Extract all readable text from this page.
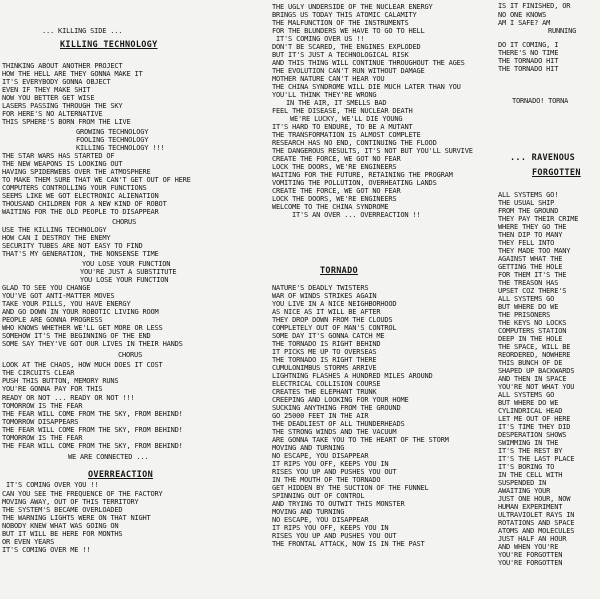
... KILLING SIDE ...
KILLING TECHNOLOGY
THINKING ABOUT ANOTHER PROJECT
HOW THE HELL ARE THEY GONNA MAKE IT
IT'S EVERYBODY GONNA OBJECT
EVEN IF THEY MAKE SHIT
NOW YOU BETTER GET WISE
LASERS PASSING THROUGH THE SKY
FOR HERE'S NO ALTERNATIVE
THIS SPHERE'S BORN FROM THE LIVE
GROWING TECHNOLOGY
FOOLING TECHNOLOGY
KILLING TECHNOLOGY !!!
THE STAR WARS HAS STARTED OF
THE NEW WEAPONS IS LOOKING OUT
HAVING SPIDERWEBS OVER THE ATMOSPHERE
TO MAKE THEM SURE THAT WE CAN'T GET OUT OF HERE
COMPUTERS CONTROLLING YOUR FUNCTIONS
SEEMS LIKE WE GOT ELECTRONIC ALIENATION
THOUSAND CHILDREN FOR A NEW KIND OF ROBOT
WAITING FOR THE OLD PEOPLE TO DISAPPEAR
CHORUS
USE THE KILLING TECHNOLOGY
HOW CAN I DESTROY THE ENEMY
SECURITY TUBES ARE NOT EASY TO FIND
THAT'S MY GENERATION, THE NONSENSE TIME
YOU LOSE YOUR FUNCTION
YOU'RE JUST A SUBSTITUTE
YOU LOSE YOUR FUNCTION
GLAD TO SEE YOU CHANGE
YOU'VE GOT ANTI-MATTER MOVES
TAKE YOUR PILLS, YOU HAVE ENERGY
AND GO DOWN IN YOUR ROBOTIC LIVING ROOM
PEOPLE ARE GONNA PROGRESS
WHO KNOWS WHETHER WE'LL GET MORE OR LESS
SOMEHOW IT'S THE BEGINNING OF THE END
SOME SAY THEY'VE GOT OUR LIVES IN THEIR HANDS
CHORUS
LOOK AT THE CHAOS, HOW MUCH DOES IT COST
THE CIRCUITS CLEAR
PUSH THIS BUTTON, MEMORY RUNS
YOU'RE GONNA PAY FOR THIS
READY OR NOT ... READY OR NOT !!!
TOMORROW IS THE FEAR
THE FEAR WILL COME FROM THE SKY, FROM BEHIND!
TOMORROW DISAPPEARS
THE FEAR WILL COME FROM THE SKY, FROM BEHIND!
TOMORROW IS THE FEAR
THE FEAR WILL COME FROM THE SKY, FROM BEHIND!
WE ARE CONNECTED ...
OVERREACTION
IT'S COMING OVER YOU !!
CAN YOU SEE THE FREQUENCE OF THE FACTORY
MOVING AWAY, OUT OF THIS TERRITORY
THE SYSTEM'S BECAME OVERLOADED
THE WARNING LIGHTS WERE ON THAT NIGHT
NOBODY KNEW WHAT WAS GOING ON
BUT IT WILL BE HERE FOR MONTHS
OR EVEN YEARS
IT'S COMING OVER ME !!
THE UGLY UNDERSIDE OF THE NUCLEAR ENERGY
BRINGS US TODAY THIS ATOMIC CALAMITY
THE MALFUNCTION OF THE INSTRUMENTS
FOR THE BLUNDERS WE HAVE TO GO TO HELL
IT'S COMING OVER US !!
DON'T BE SCARED, THE ENGINES EXPLODED
BUT IT'S JUST A TECHNOLOGICAL RISK
AND THIS THING WILL CONTINUE THROUGHOUT THE AGES
THE EVOLUTION CAN'T RUN WITHOUT DAMAGE
MOTHER NATURE CAN'T HEAR YOU
THE CHINA SYNDROME WILL DIE MUCH LATER THAN YOU
YOU'LL THINK THEY'RE WRONG
IN THE AIR, IT SMELLS BAD
FEEL THE DISEASE, THE NUCLEAR DEATH
WE'RE LUCKY, WE'LL DIE YOUNG
IT'S HARD TO ENDURE, TO BE A MUTANT
THE TRANSFORMATION IS ALMOST COMPLETE
RESEARCH HAS NO END, CONTINUING THE FLOOD
THE DANGEROUS RESULTS, IT'S NOT BUT YOU'LL SURVIVE
CREATE THE FORCE, WE GOT NO FEAR
LOCK THE DOORS, WE'RE ENGINEERS
WAITING FOR THE FUTURE, RETAINING THE PROGRAM
VOMITING THE POLLUTION, OVERHEATING LANDS
CREATE THE FORCE, WE GOT NO FEAR
LOCK THE DOORS, WE'RE ENGINEERS
WELCOME TO THE CHINA SYNDROME
IT'S AN OVER ... OVERREACTION !!
TORNADO
NATURE'S DEADLY TWISTERS
WAR OF WINDS STRIKES AGAIN
YOU LIVE IN A NICE NEIGHBORHOOD
AS NICE AS IT WILL BE AFTER
THEY DROP DOWN FROM THE CLOUDS
COMPLETELY OUT OF MAN'S CONTROL
SOME DAY IT'S GONNA CATCH ME
THE TORNADO IS RIGHT BEHIND
IT PICKS ME UP TO OVERSEAS
THE TORNADO IS RIGHT THERE
CUMULONIMBUS STORMS ARRIVE
LIGHTNING FLASHES A HUNDRED MILES AROUND
ELECTRICAL COLLISION COURSE
CREATES THE ELEPHANT TRUNK
CREEPING AND LOOKING FOR YOUR HOME
SUCKING ANYTHING FROM THE GROUND
GO 25000 FEET IN THE AIR
THE DEADLIEST OF ALL THUNDERHEADS
THE STRONG WINDS AND THE VACUUM
ARE GONNA TAKE YOU TO THE HEART OF THE STORM
MOVING AND TURNING
NO ESCAPE, YOU DISAPPEAR
IT RIPS YOU OFF, KEEPS YOU IN
RISES YOU UP AND PUSHES YOU OUT
IN THE MOUTH OF THE TORNADO
GET HIDDEN BY THE SUCTION OF THE FUNNEL
SPINNING OUT OF CONTROL
AND TRYING TO OUTWIT THIS MONSTER
MOVING AND TURNING
NO ESCAPE, YOU DISAPPEAR
IT RIPS YOU OFF, KEEPS YOU IN
RISES YOU UP AND PUSHES YOU OUT
THE FRONTAL ATTACK, NOW IS IN THE PAST
IS IT FINISHED, OR
NO ONE KNOWS
AM I SAFE? AM
RUNNING
DO IT COMING, I
THERE'S NO TIME
THE TORNADO HIT
THE TORNADO HIT
TORNADO! TORNA
... RAVENOUS
FORGOTTEN
ALL SYSTEMS GO!
THE USUAL SHIP
FROM THE GROUND
THEY PAY THEIR CRIME
WHERE THEY GO THE
THEN DIP TO MANY
THEY FELL INTO
THEY MADE TOO MANY
AGAINST WHAT THE
GETTING THE HOLE
FOR THEM IT'S THE
THE TREASON HAS
UPSET COZ THERE'S
ALL SYSTEMS GO
BUT WHERE DO WE
THE PRISONERS
THE KEYS NO LOCKS
COMPUTERS STATION
DEEP IN THE HOLE
THE SPACE, WILL BE
REORDERED, NOWHERE
THIS BUNCH OF DE
SHAPED UP BACKWARDS
AND THEN IN SPACE
YOU'RE NOT WHAT YOU
ALL SYSTEMS GO
BUT WHERE DO WE
CYLINDRICAL HEAD
LET ME OUT OF HERE
IT'S TIME THEY DID
DESPERATION SHOWS
SWIMMING IN THE
IT'S THE REST BY
IT'S THE LAST PLACE
IT'S BORING TO
IN THE CELL WITH
SUSPENDED IN
AWAITING YOUR
JUST ONE HOUR, NOW
HUMAN EXPERIMENT
ULTRAVIOLET RAYS IN
ROTATIONS AND SPACE
ATOMS AND MOLECULES
JUST HALF AN HOUR
AND WHEN YOU'RE
YOU'RE FORGOTTEN
YOU'RE FORGOTTEN
